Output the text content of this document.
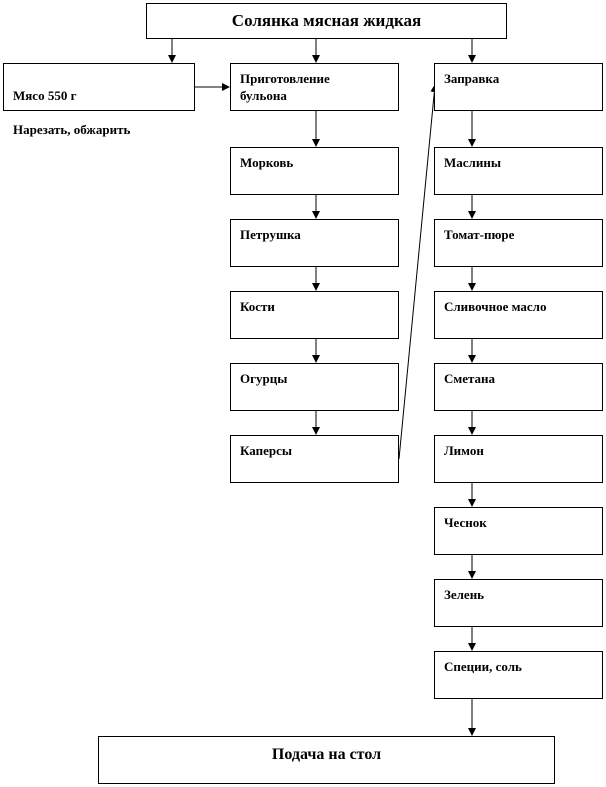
Солянка мясная жидкая

Мясо 550 г

Нарезать, обжарить

Приготовление
бульона
Морковь
Петрушка
Кости
Огурцы
Каперсы
Заправка
Маслины
Томат-пюре
Сливочное масло
Сметана
Лимон
Чеснок
Зелень
Специи, соль
Подача на стол
